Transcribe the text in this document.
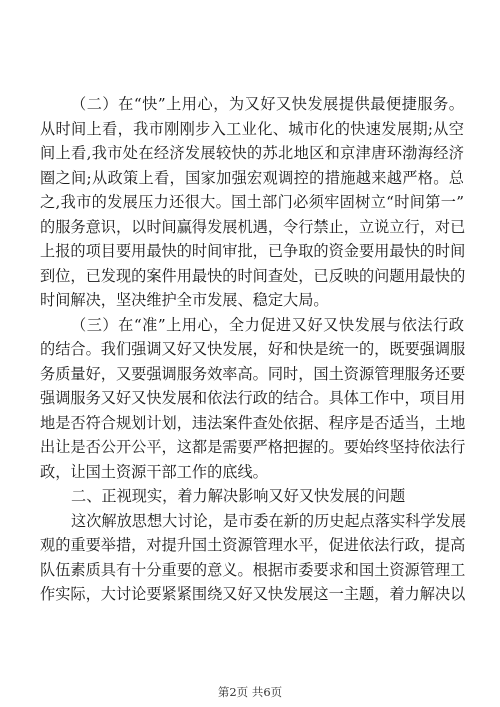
（二）在“快”上用心，为又好又快发展提供最便捷服务。
从时间上看，我市刚刚步入工业化、城市化的快速发展期;从空
间上看,我市处在经济发展较快的苏北地区和京津唐环渤海经济
圈之间;从政策上看，国家加强宏观调控的措施越来越严格。总
之,我市的发展压力还很大。国土部门必须牢固树立“时间第一”
的服务意识，以时间赢得发展机遇，令行禁止，立说立行，对已
上报的项目要用最快的时间审批，已争取的资金要用最快的时间
到位，已发现的案件用最快的时间查处，已反映的问题用最快的
时间解决，坚决维护全市发展、稳定大局。
（三）在“准”上用心，全力促进又好又快发展与依法行政
的结合。我们强调又好又快发展，好和快是统一的，既要强调服
务质量好，又要强调服务效率高。同时，国土资源管理服务还要
强调服务又好又快发展和依法行政的结合。具体工作中，项目用
地是否符合规划计划，违法案件查处依据、程序是否适当，土地
出让是否公开公平，这都是需要严格把握的。要始终坚持依法行
政，让国土资源干部工作的底线。
二、正视现实，着力解决影响又好又快发展的问题
这次解放思想大讨论，是市委在新的历史起点落实科学发展
观的重要举措，对提升国土资源管理水平，促进依法行政，提高
队伍素质具有十分重要的意义。根据市委要求和国土资源管理工
作实际，大讨论要紧紧围绕又好又快发展这一主题，着力解决以
第2页 共6页
